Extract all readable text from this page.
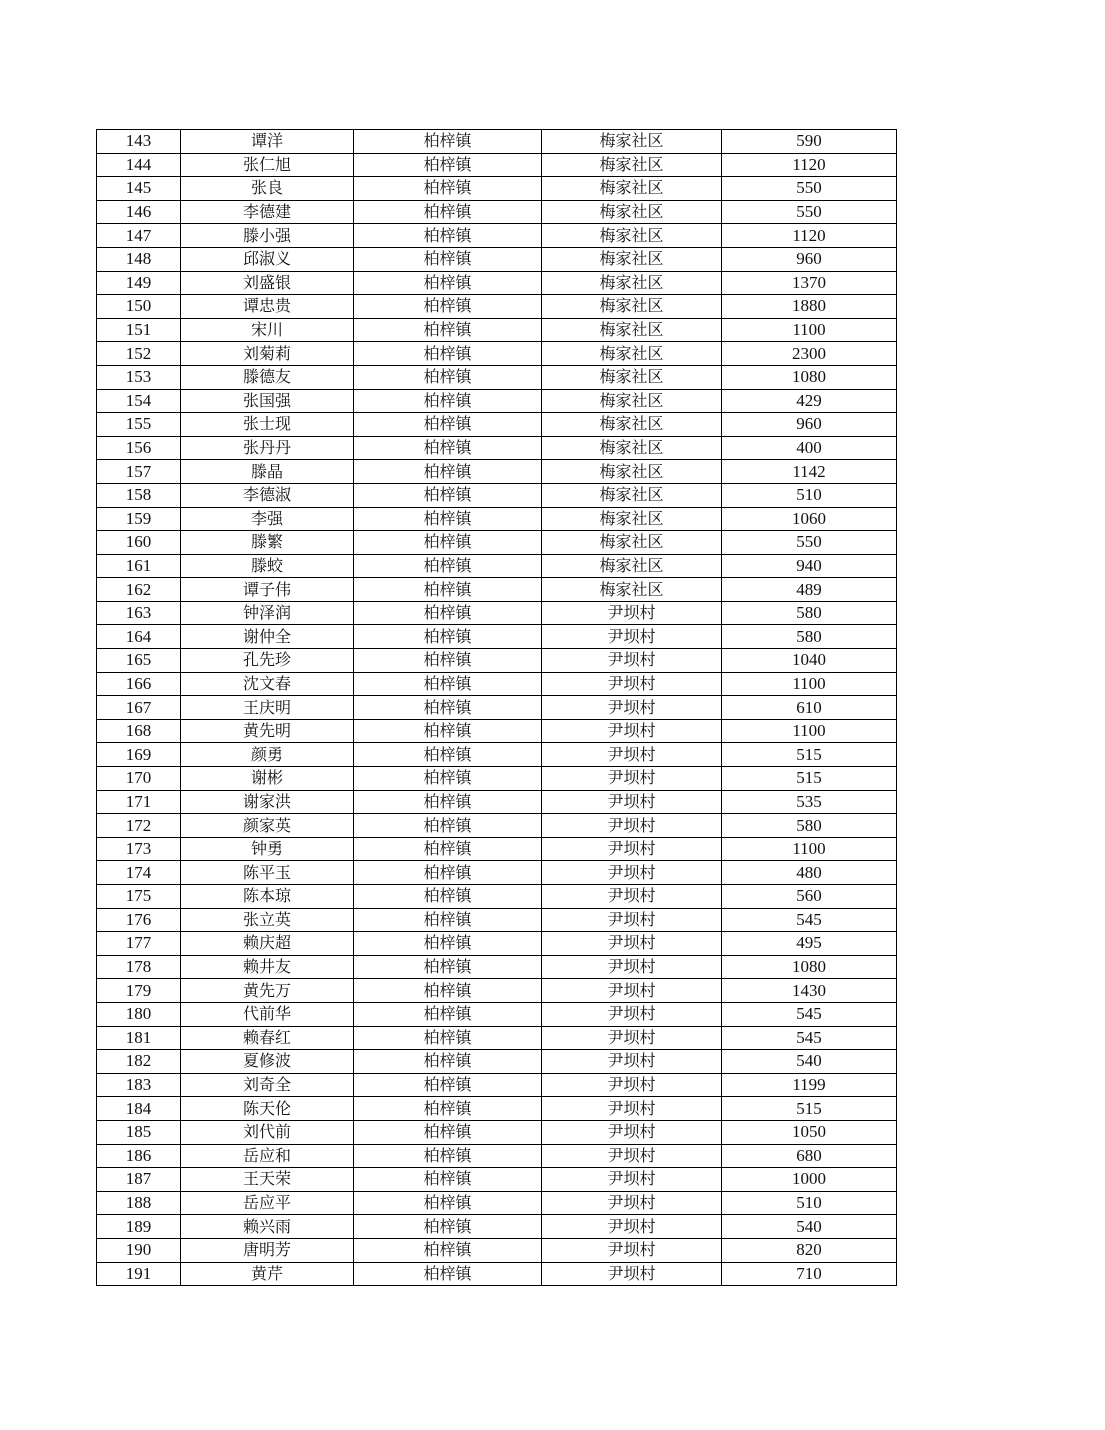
143	谭洋	柏梓镇	梅家社区	590
144	张仁旭	柏梓镇	梅家社区	1120
145	张良	柏梓镇	梅家社区	550
146	李德建	柏梓镇	梅家社区	550
147	滕小强	柏梓镇	梅家社区	1120
148	邱淑义	柏梓镇	梅家社区	960
149	刘盛银	柏梓镇	梅家社区	1370
150	谭忠贵	柏梓镇	梅家社区	1880
151	宋川	柏梓镇	梅家社区	1100
152	刘菊莉	柏梓镇	梅家社区	2300
153	滕德友	柏梓镇	梅家社区	1080
154	张国强	柏梓镇	梅家社区	429
155	张士现	柏梓镇	梅家社区	960
156	张丹丹	柏梓镇	梅家社区	400
157	滕晶	柏梓镇	梅家社区	1142
158	李德淑	柏梓镇	梅家社区	510
159	李强	柏梓镇	梅家社区	1060
160	滕繁	柏梓镇	梅家社区	550
161	滕蛟	柏梓镇	梅家社区	940
162	谭子伟	柏梓镇	梅家社区	489
163	钟泽润	柏梓镇	尹坝村	580
164	谢仲全	柏梓镇	尹坝村	580
165	孔先珍	柏梓镇	尹坝村	1040
166	沈文春	柏梓镇	尹坝村	1100
167	王庆明	柏梓镇	尹坝村	610
168	黄先明	柏梓镇	尹坝村	1100
169	颜勇	柏梓镇	尹坝村	515
170	谢彬	柏梓镇	尹坝村	515
171	谢家洪	柏梓镇	尹坝村	535
172	颜家英	柏梓镇	尹坝村	580
173	钟勇	柏梓镇	尹坝村	1100
174	陈平玉	柏梓镇	尹坝村	480
175	陈本琼	柏梓镇	尹坝村	560
176	张立英	柏梓镇	尹坝村	545
177	赖庆超	柏梓镇	尹坝村	495
178	赖井友	柏梓镇	尹坝村	1080
179	黄先万	柏梓镇	尹坝村	1430
180	代前华	柏梓镇	尹坝村	545
181	赖春红	柏梓镇	尹坝村	545
182	夏修波	柏梓镇	尹坝村	540
183	刘奇全	柏梓镇	尹坝村	1199
184	陈天伦	柏梓镇	尹坝村	515
185	刘代前	柏梓镇	尹坝村	1050
186	岳应和	柏梓镇	尹坝村	680
187	王天荣	柏梓镇	尹坝村	1000
188	岳应平	柏梓镇	尹坝村	510
189	赖兴雨	柏梓镇	尹坝村	540
190	唐明芳	柏梓镇	尹坝村	820
191	黄芹	柏梓镇	尹坝村	710
